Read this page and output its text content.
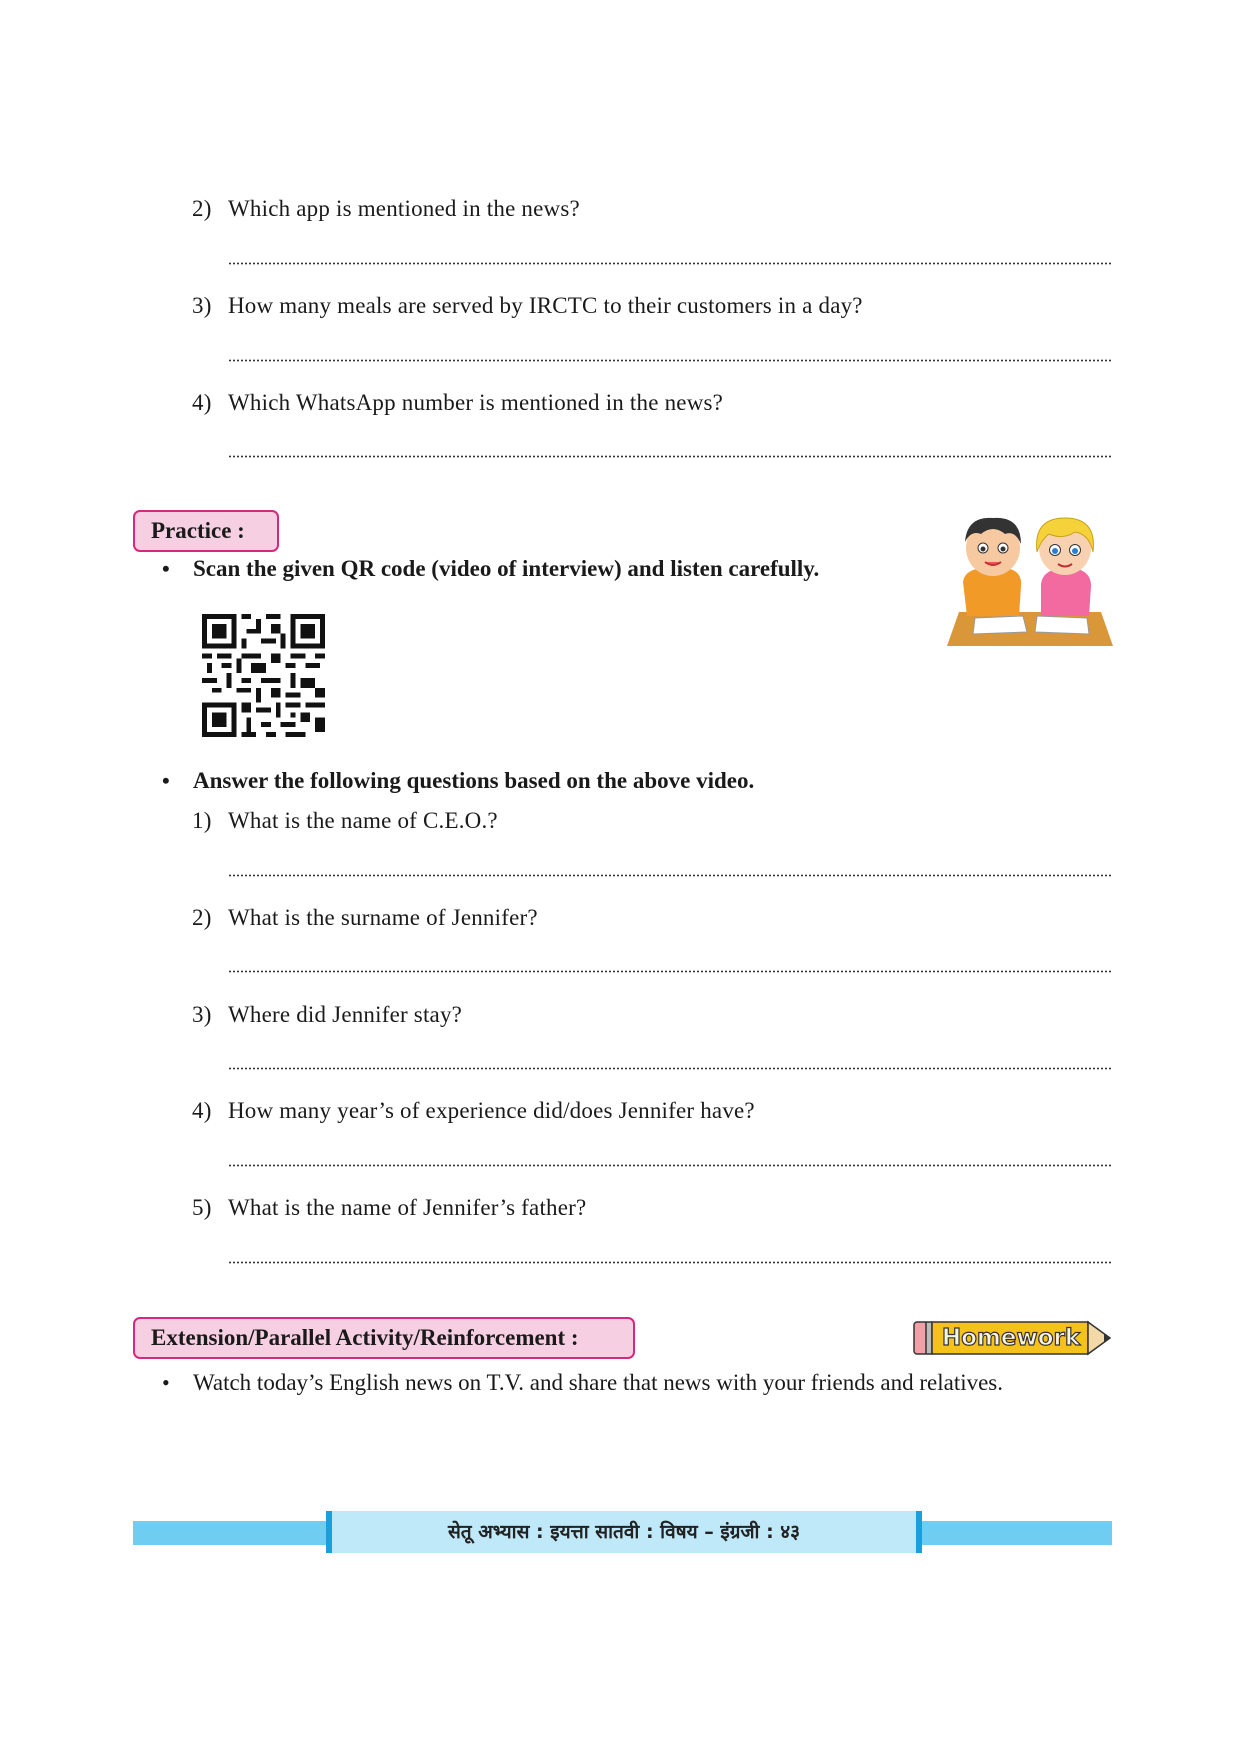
2) Which app is mentioned in the news?
3) How many meals are served by IRCTC to their customers in a day?
4) Which WhatsApp number is mentioned in the news?
Practice :
• Scan the given QR code (video of interview) and listen carefully.
• Answer the following questions based on the above video.
1) What is the name of C.E.O.?
2) What is the surname of Jennifer?
3) Where did Jennifer stay?
4) How many year’s of experience did/does Jennifer have?
5) What is the name of Jennifer’s father?
Extension/Parallel Activity/Reinforcement :	Homework
• Watch today’s English news on T.V. and share that news with your friends and relatives.
सेतू अभ्यास : इयत्ता सातवी : विषय – इंग्रजी : ४३
